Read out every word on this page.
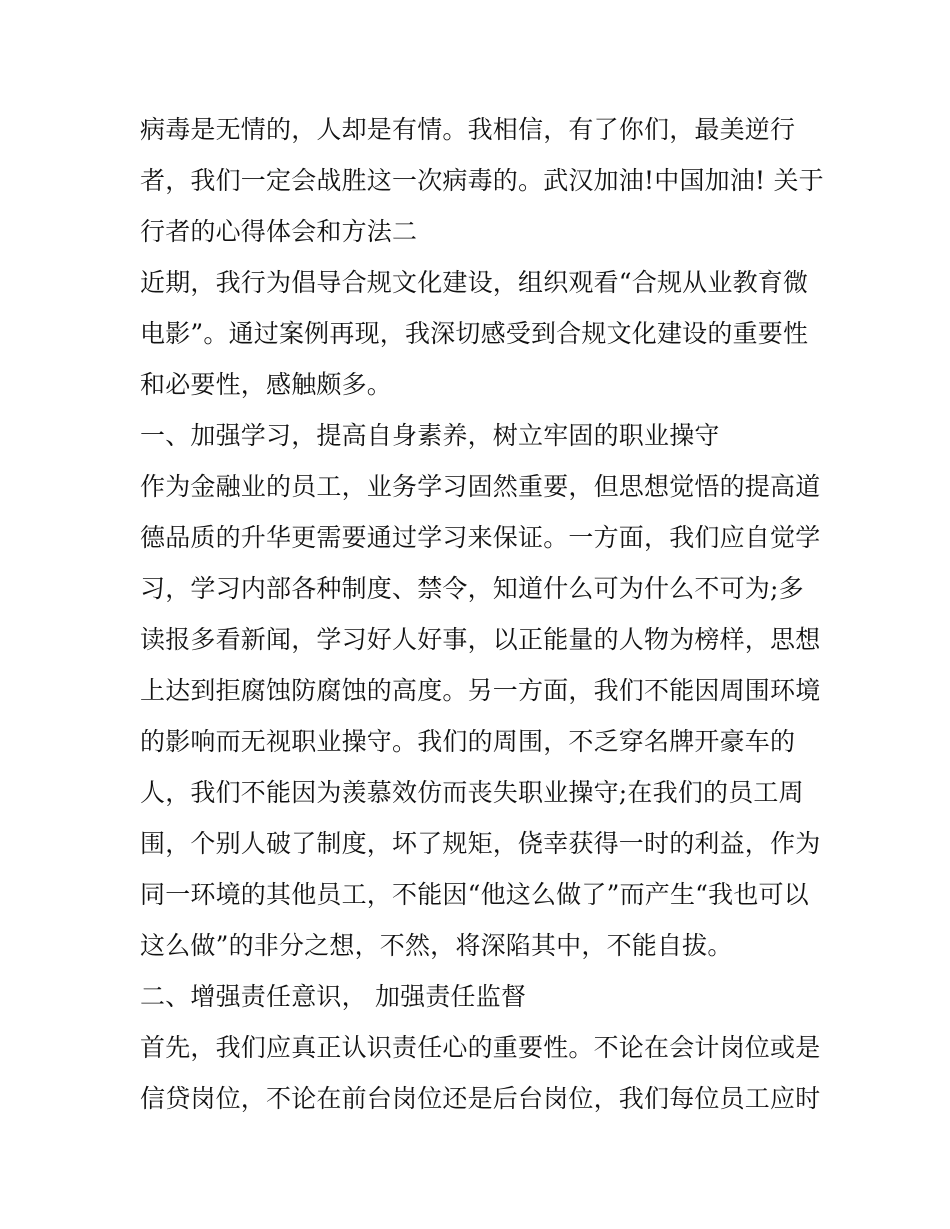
病毒是无情的，人却是有情。我相信，有了你们，最美逆行
者，我们一定会战胜这一次病毒的。武汉加油!中国加油! 关于
行者的心得体会和方法二
近期，我行为倡导合规文化建设，组织观看“合规从业教育微
电影”。通过案例再现，我深切感受到合规文化建设的重要性
和必要性，感触颇多。
一、加强学习，提高自身素养，树立牢固的职业操守
作为金融业的员工，业务学习固然重要，但思想觉悟的提高道
德品质的升华更需要通过学习来保证。一方面，我们应自觉学
习，学习内部各种制度、禁令，知道什么可为什么不可为;多
读报多看新闻，学习好人好事，以正能量的人物为榜样，思想
上达到拒腐蚀防腐蚀的高度。另一方面，我们不能因周围环境
的影响而无视职业操守。我们的周围，不乏穿名牌开豪车的
人，我们不能因为羡慕效仿而丧失职业操守;在我们的员工周
围，个别人破了制度，坏了规矩，侥幸获得一时的利益，作为
同一环境的其他员工，不能因“他这么做了”而产生“我也可以
这么做”的非分之想，不然，将深陷其中，不能自拔。
二、增强责任意识， 加强责任监督
首先，我们应真正认识责任心的重要性。不论在会计岗位或是
信贷岗位，不论在前台岗位还是后台岗位，我们每位员工应时
